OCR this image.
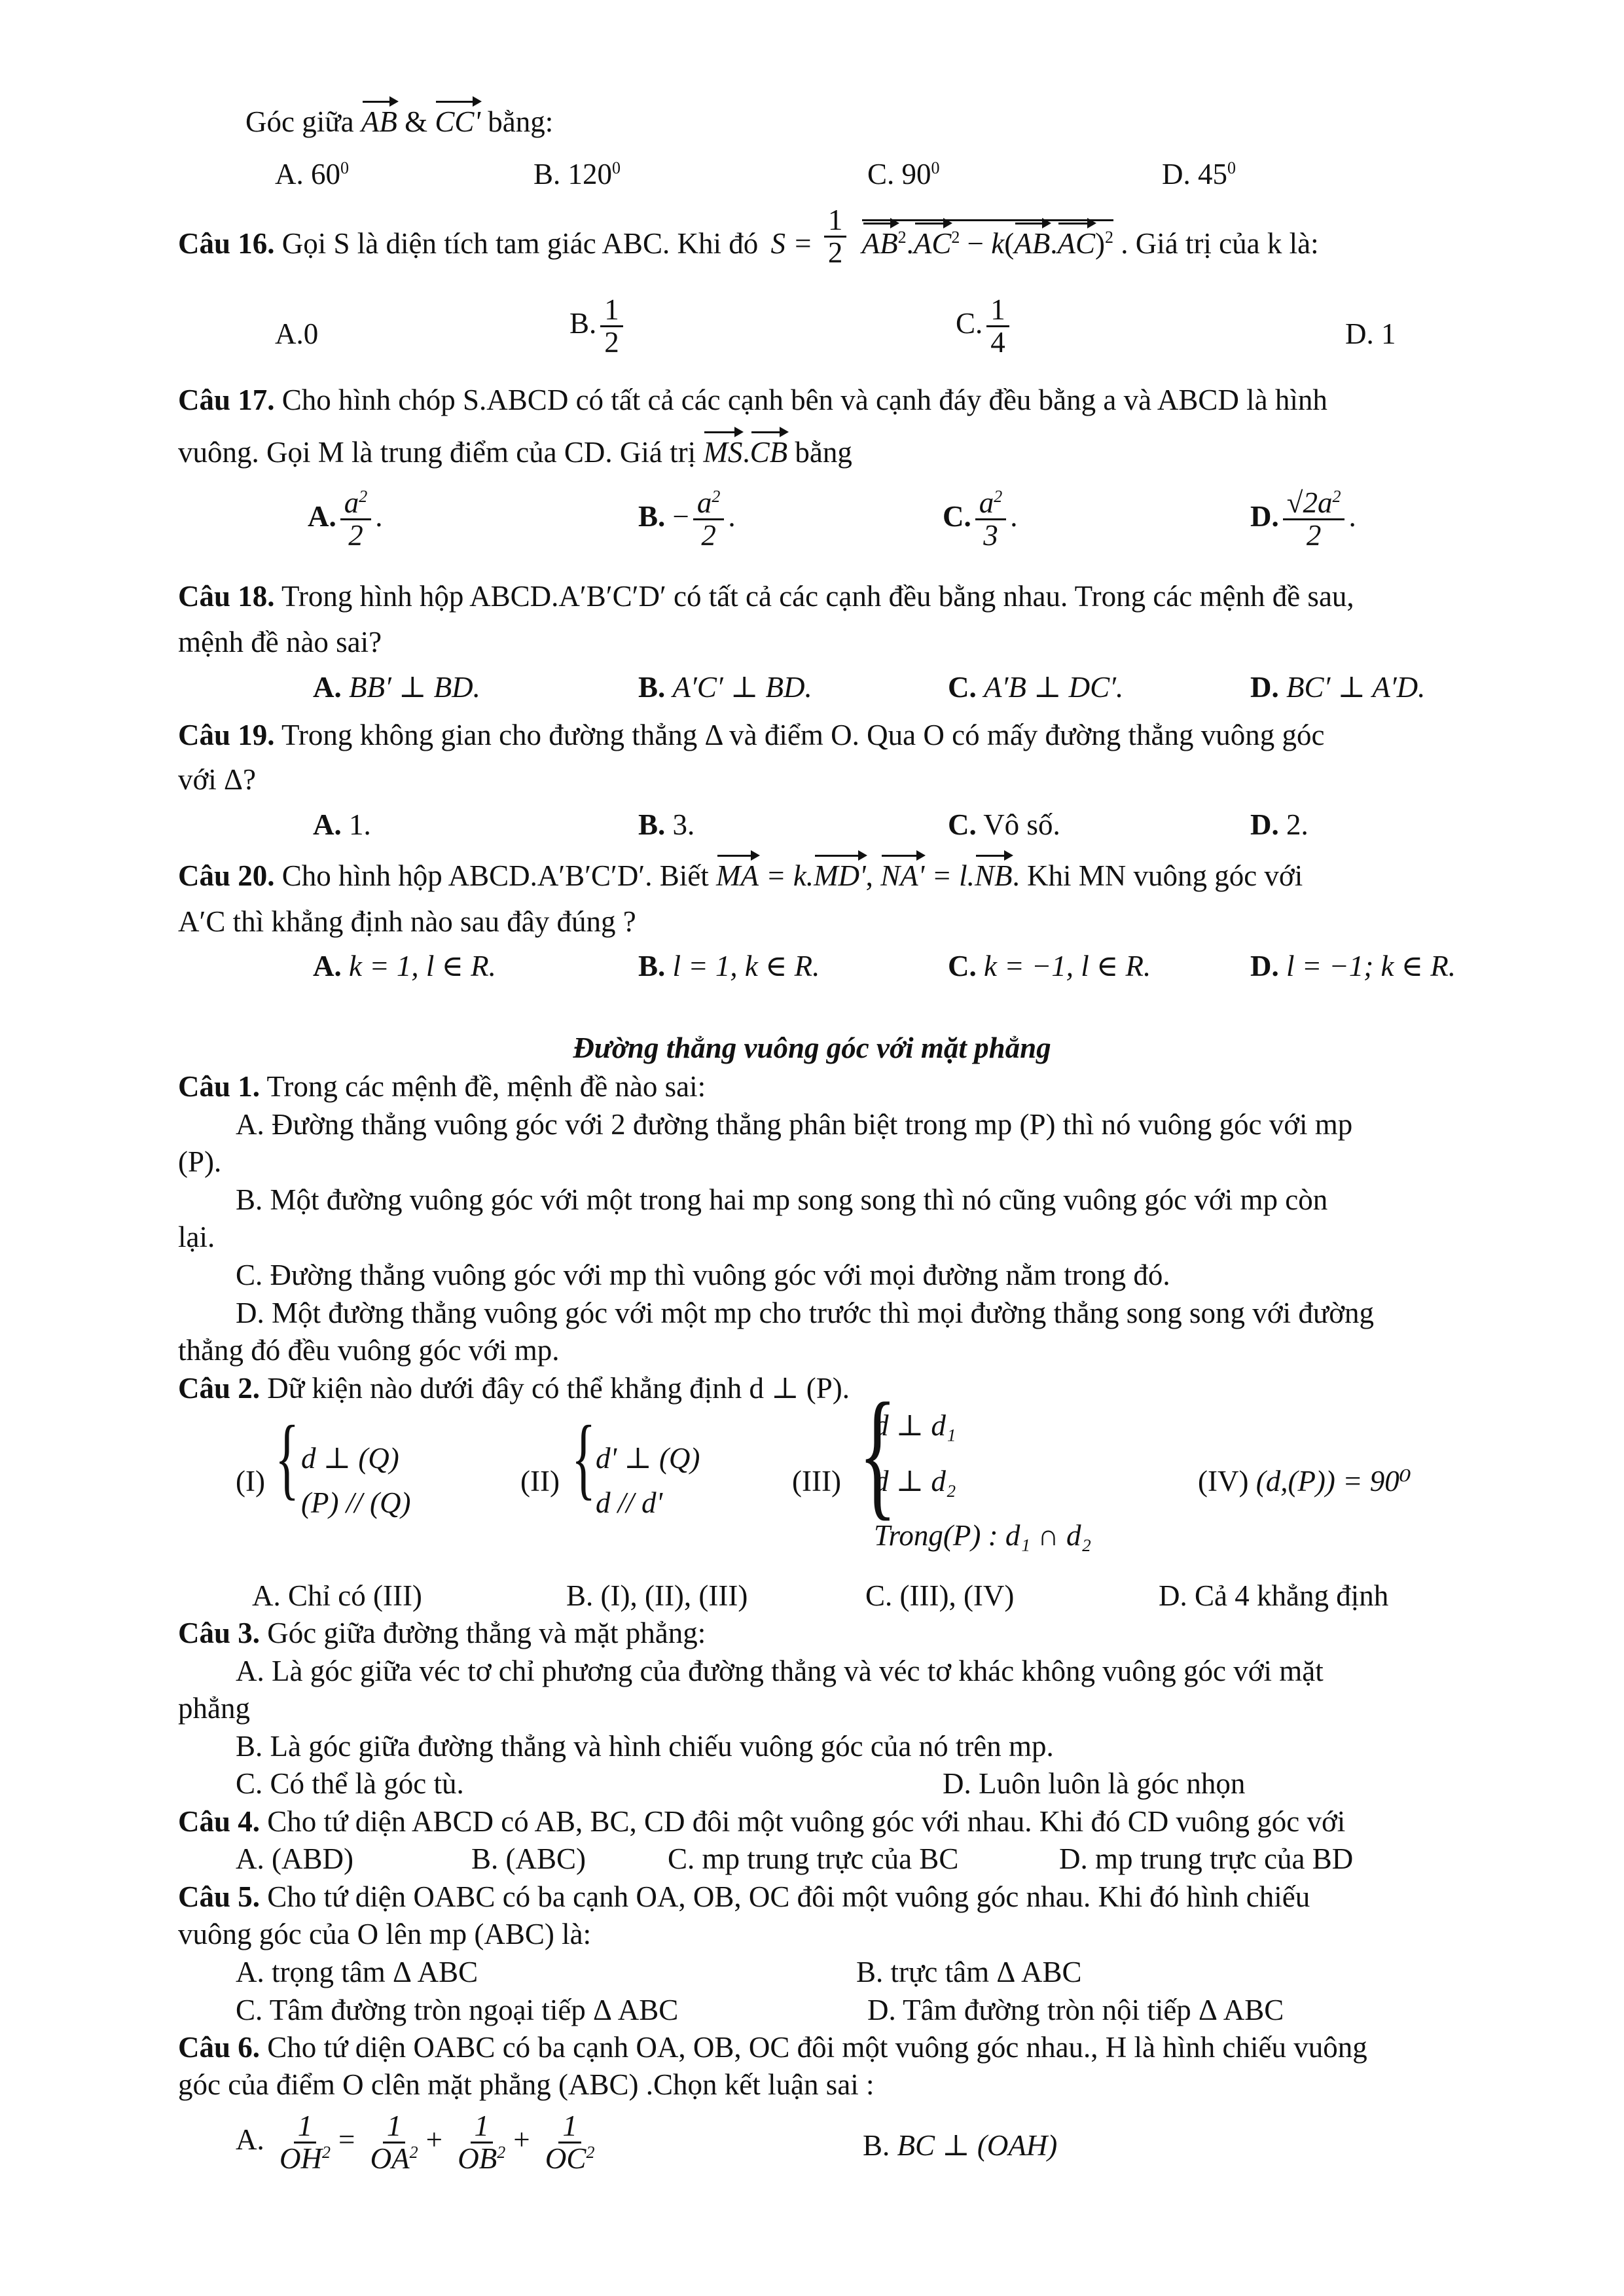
Góc giữa AB & CC' bằng:
A. $60^0$	B. $120^0$	C. $90^0$	D. $45^0$
Câu 16. Gọi S là diện tích tam giác ABC. Khi đó $S = \frac{1}{2} AB^2.AC^2 - k(AB.AC)^2$ . Giá trị của k là:
A.0	B. $\frac{1}{2}$	C. $\frac{1}{4}$	D. 1
Câu 17. Cho hình chóp S.ABCD có tất cả các cạnh bên và cạnh đáy đều bằng a và ABCD là hình
vuông. Gọi M là trung điểm của CD. Giá trị MS.CB bằng
A. $\frac{a^2}{2}$ .	B. − $\frac{a^2}{2}$ .	C. $\frac{a^2}{3}$ .	D. $\frac{√2a^2}{2}$ .
Câu 18. Trong hình hộp ABCD.A′B′C′D′ có tất cả các cạnh đều bằng nhau. Trong các mệnh đề sau,
mệnh đề nào sai?
A. BB′ ⊥ BD.	B. A′C′ ⊥ BD.	C. A′B ⊥ DC′.	D. BC′ ⊥ A′D.
Câu 19. Trong không gian cho đường thẳng Δ và điểm O. Qua O có mấy đường thẳng vuông góc
với Δ?
A. 1.	B. 3.	C. Vô số.	D. 2.
Câu 20. Cho hình hộp ABCD.A′B′C′D′. Biết MA = k.MD', NA' = l.NB. Khi MN vuông góc với
A′C thì khẳng định nào sau đây đúng ?
A. k = 1, l ∈ R.	B. l = 1, k ∈ R.	C. k = −1, l ∈ R.	D. l = −1; k ∈ R.
Đường thẳng vuông góc với mặt phẳng
Câu 1. Trong các mệnh đề, mệnh đề nào sai:
A. Đường thẳng vuông góc với 2 đường thẳng phân biệt trong mp (P) thì nó vuông góc với mp
(P).
B. Một đường vuông góc với một trong hai mp song song thì nó cũng vuông góc với mp còn
lại.
C. Đường thẳng vuông góc với mp thì vuông góc với mọi đường nằm trong đó.
D. Một đường thẳng vuông góc với một mp cho trước thì mọi đường thẳng song song với đường
thẳng đó đều vuông góc với mp.
Câu 2. Dữ kiện nào dưới đây có thể khẳng định d ⊥ (P).
(I) { d ⊥ (Q)
(P) // (Q)
(II) { d' ⊥ (Q)
d // d'
(III) {
d ⊥ d₁
d ⊥ d₂
Trong(P) : d₁ ∩ d₂
(IV) (d,(P)) = 90⁰
A. Chỉ có (III)	B. (I), (II), (III)	C. (III), (IV)	D. Cả 4 khẳng định
Câu 3. Góc giữa đường thẳng và mặt phẳng:
A. Là góc giữa véc tơ chỉ phương của đường thẳng và véc tơ khác không vuông góc với mặt
phẳng
B. Là góc giữa đường thẳng và hình chiếu vuông góc của nó trên mp.
C. Có thể là góc tù.	D. Luôn luôn là góc nhọn
Câu 4. Cho tứ diện ABCD có AB, BC, CD đôi một vuông góc với nhau. Khi đó CD vuông góc với
A. (ABD)	B. (ABC)	C. mp trung trực của BC	D. mp trung trực của BD
Câu 5. Cho tứ diện OABC có ba cạnh OA, OB, OC đôi một vuông góc nhau. Khi đó hình chiếu
vuông góc của O lên mp (ABC) là:
A. trọng tâm Δ ABC	B. trực tâm Δ ABC
C. Tâm đường tròn ngoại tiếp Δ ABC	D. Tâm đường tròn nội tiếp Δ ABC
Câu 6. Cho tứ diện OABC có ba cạnh OA, OB, OC đôi một vuông góc nhau., H là hình chiếu vuông
góc của điểm O clên mặt phẳng (ABC) .Chọn kết luận sai :
A. $\frac{1}{OH^2} = \frac{1}{OA^2} + \frac{1}{OB^2} + \frac{1}{OC^2}$	B. BC ⊥ (OAH)
